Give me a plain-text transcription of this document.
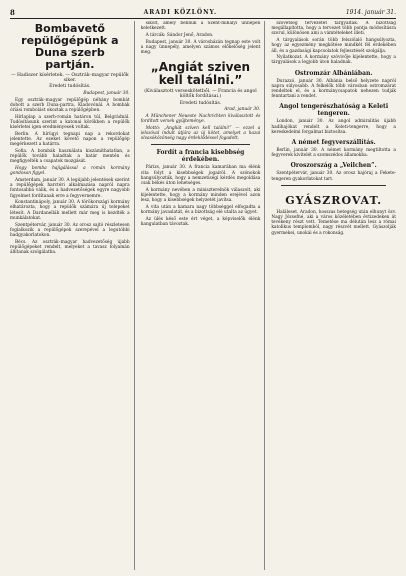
8	ARADI KÖZLÖNY.	1914. január 31.
Bombavető repülőgépünk a Duna szerb partján.
— Hadiszer kísérletek. — Osztrák–magyar repülők siker.
Eredeti tudósítás.
Budapest, január 30.

Egy osztrák–magyar repülőgép néhány bombát dobott a szerb Duna-partra, Kladovónál. A bombák óriási rombolást okoztak a repülőgépben.

Hírlaplap a szerb-román határon túl, Belgrádnál. Tudósításunk szerint a katonai körökben a repülők kísérletei igen eredményesek voltak.

Berlin. A hírügyi tegnapi nap a rekordokat jelentette. Az ezeket követő napon a repülőgép megérkezett a határra.

Sofia. A bombák használata kiszámíthatatlan, a repülők tovább haladtak a határ mentén és megfigyelték a csapatok mozgását.

Hogy bomba hajigálással a román kormány gondosan figyel.

Amsterdam, január 30. A legújabb jelentések szerint a repülőgépek harctéri alkalmazása napról napra fontosabbá válik, és a hadvezetőségek egyre nagyobb figyelmet fordítanak erre a fegyvernemre.

Konstantinápoly, január 30. A törökországi kormány elhatározta, hogy a repülők számára új telepeket létesít. A Dardanellák mellett már meg is kezdték a munkálatokat.

Szentpétervár, január 30. Az orosz sajtó részletesen foglalkozik a repülőgépek szerepével a legutóbbi hadgyakorlatokon.

Bécs. Az osztrák–magyar hadvezetőség újabb repülőgépeket rendelt, melyeket a tavasz folyamán állítanak szolgálatba.

sikolt, amely bennük a Szent-mihályi ünnepen keletkezett.

A tárcák: Sándor Jenő, Aradon.

Budapest, január 30. A városházán tegnap este volt a nagy ünnepély, amelyen számos előkelőség jelent meg.

„Angiát sziven kell találni.”
(Kiválasztott verseskötetből. — Francia és angol költők fordításai.)
Eredeti tudósítás.
Arad, január 30.

A Münchener Neueste Nachrichten kiválasztott és fordított versek gyűjteménye.

Mottó: „Angliát szíven kell találni!” — ezzel a jelszóval indult útjára az új kötet, amelyet a hazai olvasóközönség nagy érdeklődéssel fogadott.

Fordít a francia kisebbség érdekében.

Párizs, január 30. A francia kamarában ma élénk vita folyt a kisebbségek jogairól. A szónokok hangsúlyozták, hogy a nemzetiségi kérdés megoldása csak békés úton lehetséges.

A kormány nevében a miniszterelnök válaszolt, aki kijelentette, hogy a kormány minden erejével azon lesz, hogy a kisebbségek helyzetét javítsa.

A vita után a kamara nagy többséggel elfogadta a kormány javaslatát, és a bizottság elé utalta az ügyet.

Az ülés késő este ért véget, a képviselők élénk hangulatban távoztak.

szövetség tervezetét tárgyalták. A bizottság megállapította, hogy a tervezet több pontja módosításra szorul, különösen ami a vámtételeket illeti.

A tárgyalások során több felszólaló hangsúlyozta, hogy az egyezmény megkötése mindkét fél érdekében áll, és a gazdasági kapcsolatok fejlesztését szolgálja.

Nyilatkozat. A kormány szóvivője kijelentette, hogy a tárgyalások a legjobb úton haladnak.

Ostromzár Albániában.

Durazzó, január 30. Albánia belső helyzete napról napra súlyosabb. A felkelők több városban ostromzárat rendeltek el, és a kormánycsapatok nehezen tudják fenntartani a rendet.

Angol tengerészhatóság a Keleti tengeren.

London, január 30. Az angol admiralitás újabb hadihajókat rendelt a Keleti-tengerre, hogy a kereskedelmi forgalmat biztosítsa.

A német fegyverszállítás.

Berlin, január 30. A német kormány megtiltotta a fegyverek kivitelét a szomszédos államokba.

Oroszország a „Veilchen”.

Szentpétervár, január 30. Az orosz hajóraj a Fekete-tengeren gyakorlatokat tart.

GYÁSZROVAT.

Haláleset. Aradon, hosszas betegség után elhunyt özv. Nagy Józsefné, aki a város közéletében évtizedeken át tevékeny részt vett. Temetése ma délután lesz a római katolikus templomból, nagy részvét mellett. Gyászolják gyermekei, unokái és a rokonság.
